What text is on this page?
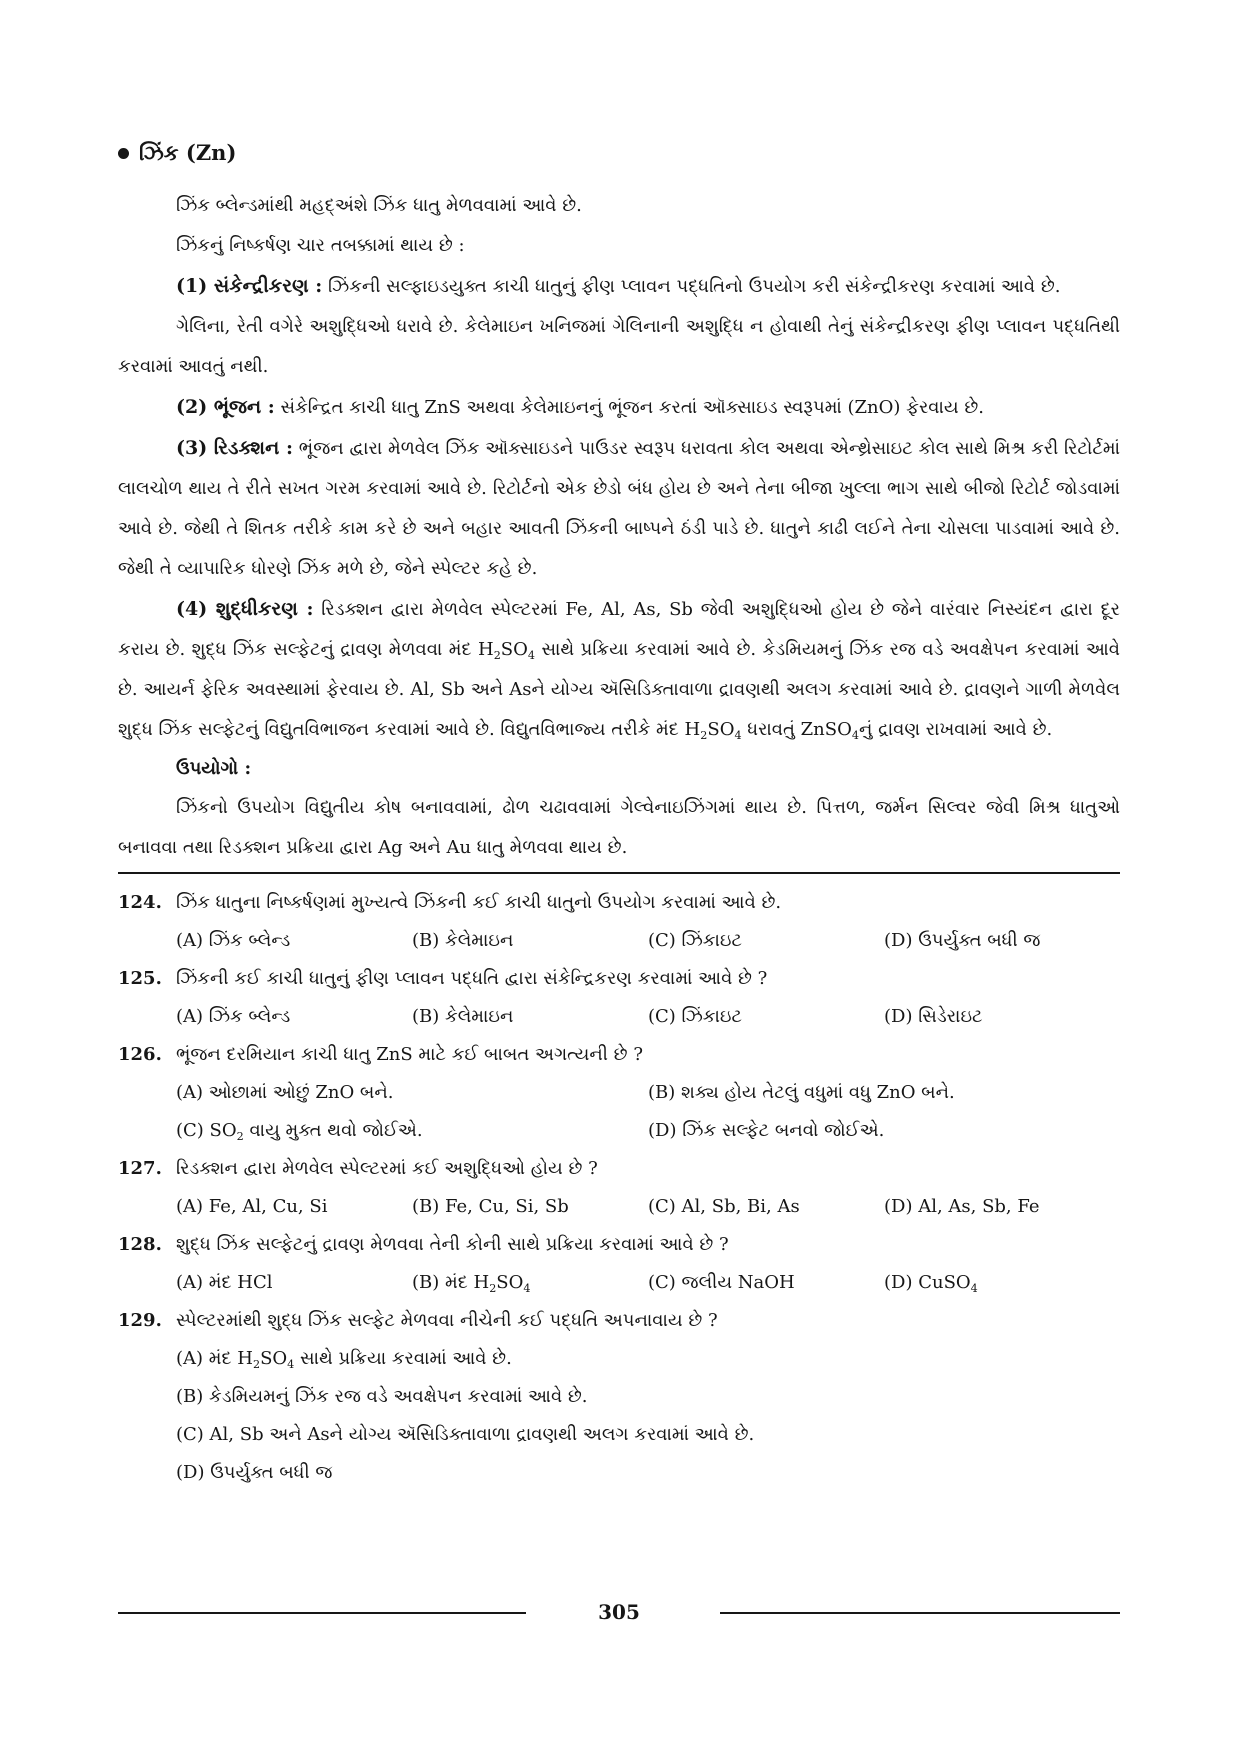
ઝિંક (Zn)

ઝિંક બ્લેન્ડમાંથી મહદ્અંશે ઝિંક ધાતુ મેળવવામાં આવે છે.

ઝિંકનું નિષ્કર્ષણ ચાર તબક્કામાં થાય છે :

(1) સંકેન્દ્રીકરણ : ઝિંકની સલ્ફાઇડયુક્ત કાચી ધાતુનું ફીણ પ્લાવન પદ્ધતિનો ઉપયોગ કરી સંકેન્દ્રીકરણ કરવામાં આવે છે.

ગેલિના, રેતી વગેરે અશુદ્ધિઓ ધરાવે છે. કેલેમાઇન ખનિજમાં ગેલિનાની અશુદ્ધિ ન હોવાથી તેનું સંકેન્દ્રીકરણ ફીણ પ્લાવન પદ્ધતિથી કરવામાં આવતું નથી.

(2) ભૂંજન : સંકેન્દ્રિત કાચી ધાતુ ZnS અથવા કેલેમાઇનનું ભૂંજન કરતાં ઑક્સાઇડ સ્વરૂપમાં (ZnO) ફેરવાય છે.

(3) રિડક્શન : ભૂંજન દ્વારા મેળવેલ ઝિંક ઑક્સાઇડને પાઉડર સ્વરૂપ ધરાવતા કોલ અથવા એન્થ્રેસાઇટ કોલ સાથે મિશ્ર કરી રિટોર્ટમાં લાલચોળ થાય તે રીતે સખત ગરમ કરવામાં આવે છે. રિટોર્ટનો એક છેડો બંધ હોય છે અને તેના બીજા ખુલ્લા ભાગ સાથે બીજો રિટોર્ટ જોડવામાં આવે છે. જેથી તે શિતક તરીકે કામ કરે છે અને બહાર આવતી ઝિંકની બાષ્પને ઠંડી પાડે છે. ધાતુને કાઢી લઈને તેના ચોસલા પાડવામાં આવે છે. જેથી તે વ્યાપારિક ધોરણે ઝિંક મળે છે, જેને સ્પેલ્ટર કહે છે.

(4) શુદ્ધીકરણ : રિડક્શન દ્વારા મેળવેલ સ્પેલ્ટરમાં Fe, Al, As, Sb જેવી અશુદ્ધિઓ હોય છે જેને વારંવાર નિસ્યંદન દ્વારા દૂર કરાય છે. શુદ્ધ ઝિંક સલ્ફેટનું દ્રાવણ મેળવવા મંદ $H_2SO_4$ સાથે પ્રક્રિયા કરવામાં આવે છે. કેડમિયમનું ઝિંક રજ વડે અવક્ષેપન કરવામાં આવે છે. આયર્ન ફેરિક અવસ્થામાં ફેરવાય છે. Al, Sb અને Asને યોગ્ય ઍસિડિક્તાવાળા દ્રાવણથી અલગ કરવામાં આવે છે. દ્રાવણને ગાળી મેળવેલ શુદ્ધ ઝિંક સલ્ફેટનું વિદ્યુતવિભાજન કરવામાં આવે છે. વિદ્યુતવિભાજ્ય તરીકે મંદ $H_2SO_4$ ધરાવતું ZnSO$_4$નું દ્રાવણ રાખવામાં આવે છે.

ઉપયોગો :

ઝિંકનો ઉપયોગ વિદ્યુતીય કોષ બનાવવામાં, ઢોળ ચઢાવવામાં ગેલ્વેનાઇઝિંગમાં થાય છે. પિત્તળ, જર્મન સિલ્વર જેવી મિશ્ર ધાતુઓ બનાવવા તથા રિડક્શન પ્રક્રિયા દ્વારા Ag અને Au ધાતુ મેળવવા થાય છે.

124. ઝિંક ધાતુના નિષ્કર્ષણમાં મુખ્યત્વે ઝિંકની કઈ કાચી ધાતુનો ઉપયોગ કરવામાં આવે છે.
(A) ઝિંક બ્લેન્ડ	(B) કેલેમાઇન	(C) ઝિંકાઇટ	(D) ઉપર્યુક્ત બધી જ
125. ઝિંકની કઈ કાચી ધાતુનું ફીણ પ્લાવન પદ્ધતિ દ્વારા સંકેન્દ્રિકરણ કરવામાં આવે છે ?
(A) ઝિંક બ્લેન્ડ	(B) કેલેમાઇન	(C) ઝિંકાઇટ	(D) સિડેરાઇટ
126. ભૂંજન દરમિયાન કાચી ધાતુ ZnS માટે કઈ બાબત અગત્યની છે ?
(A) ઓછામાં ઓછું ZnO બને.	(B) શક્ય હોય તેટલું વધુમાં વધુ ZnO બને.
(C) $SO_2$ વાયુ મુક્ત થવો જોઈએ.	(D) ઝિંક સલ્ફેટ બનવો જોઈએ.
127. રિડક્શન દ્વારા મેળવેલ સ્પેલ્ટરમાં કઈ અશુદ્ધિઓ હોય છે ?
(A) Fe, Al, Cu, Si	(B) Fe, Cu, Si, Sb	(C) Al, Sb, Bi, As	(D) Al, As, Sb, Fe
128. શુદ્ધ ઝિંક સલ્ફેટનું દ્રાવણ મેળવવા તેની કોની સાથે પ્રક્રિયા કરવામાં આવે છે ?
(A) મંદ HCl	(B) મંદ $H_2SO_4$	(C) જલીય NaOH	(D) CuSO$_4$
129. સ્પેલ્ટરમાંથી શુદ્ધ ઝિંક સલ્ફેટ મેળવવા નીચેની કઈ પદ્ધતિ અપનાવાય છે ?
(A) મંદ $H_2SO_4$ સાથે પ્રક્રિયા કરવામાં આવે છે.
(B) કેડમિયમનું ઝિંક રજ વડે અવક્ષેપન કરવામાં આવે છે.
(C) Al, Sb અને Asને યોગ્ય ઍસિડિક્તાવાળા દ્રાવણથી અલગ કરવામાં આવે છે.
(D) ઉપર્યુક્ત બધી જ
305
